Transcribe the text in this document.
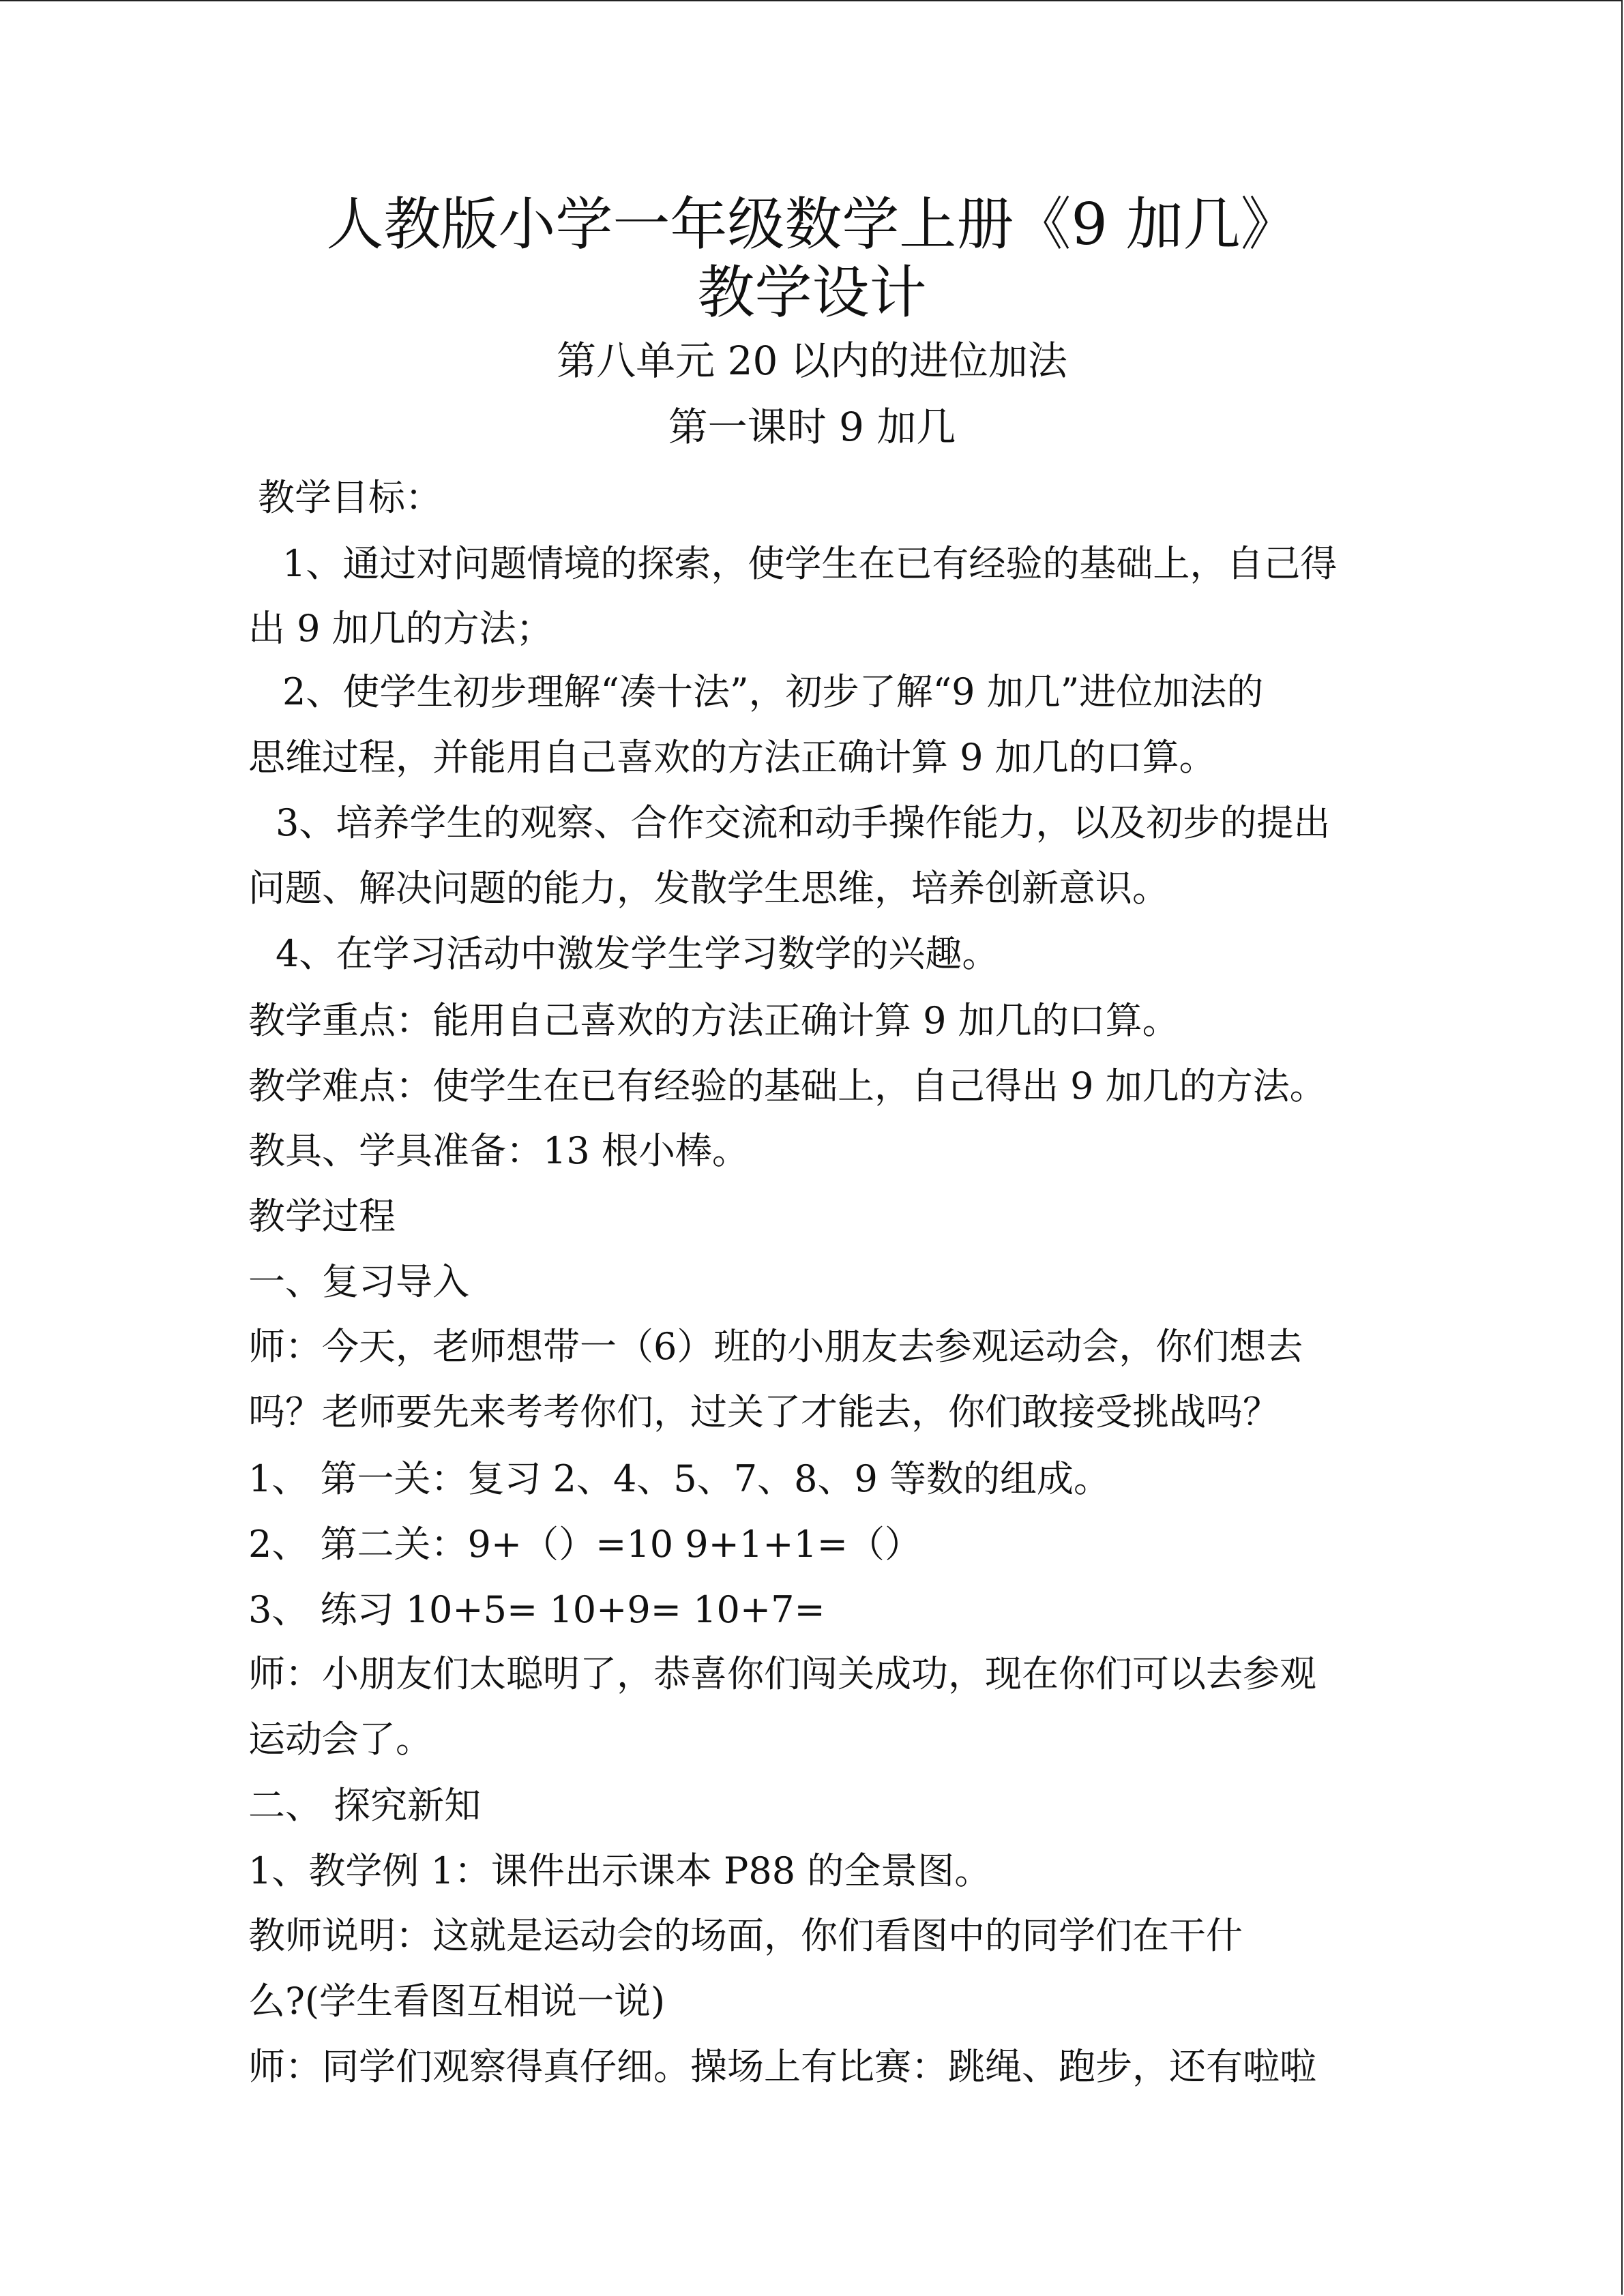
人教版小学一年级数学上册《9 加几》
教学设计
第八单元 20 以内的进位加法
第一课时 9 加几
教学目标：
1、通过对问题情境的探索，使学生在已有经验的基础上，自己得
出 9 加几的方法；
2、使学生初步理解“凑十法”，初步了解“9 加几”进位加法的
思维过程，并能用自己喜欢的方法正确计算 9 加几的口算。
3、培养学生的观察、合作交流和动手操作能力，以及初步的提出
问题、解决问题的能力，发散学生思维，培养创新意识。
4、在学习活动中激发学生学习数学的兴趣。
教学重点：能用自己喜欢的方法正确计算 9 加几的口算。
教学难点：使学生在已有经验的基础上，自己得出 9 加几的方法。
教具、学具准备：13 根小棒。
教学过程
一、复习导入
师：今天，老师想带一（6）班的小朋友去参观运动会，你们想去
吗？老师要先来考考你们，过关了才能去，你们敢接受挑战吗？
1、 第一关：复习 2、4、5、7、8、9 等数的组成。
2、 第二关：9+（）=10 9+1+1=（）
3、 练习 10+5= 10+9= 10+7=
师：小朋友们太聪明了，恭喜你们闯关成功，现在你们可以去参观
运动会了。
二、 探究新知
1、教学例 1：课件出示课本 P88 的全景图。
教师说明：这就是运动会的场面，你们看图中的同学们在干什
么?(学生看图互相说一说)
师：同学们观察得真仔细。操场上有比赛：跳绳、跑步，还有啦啦
